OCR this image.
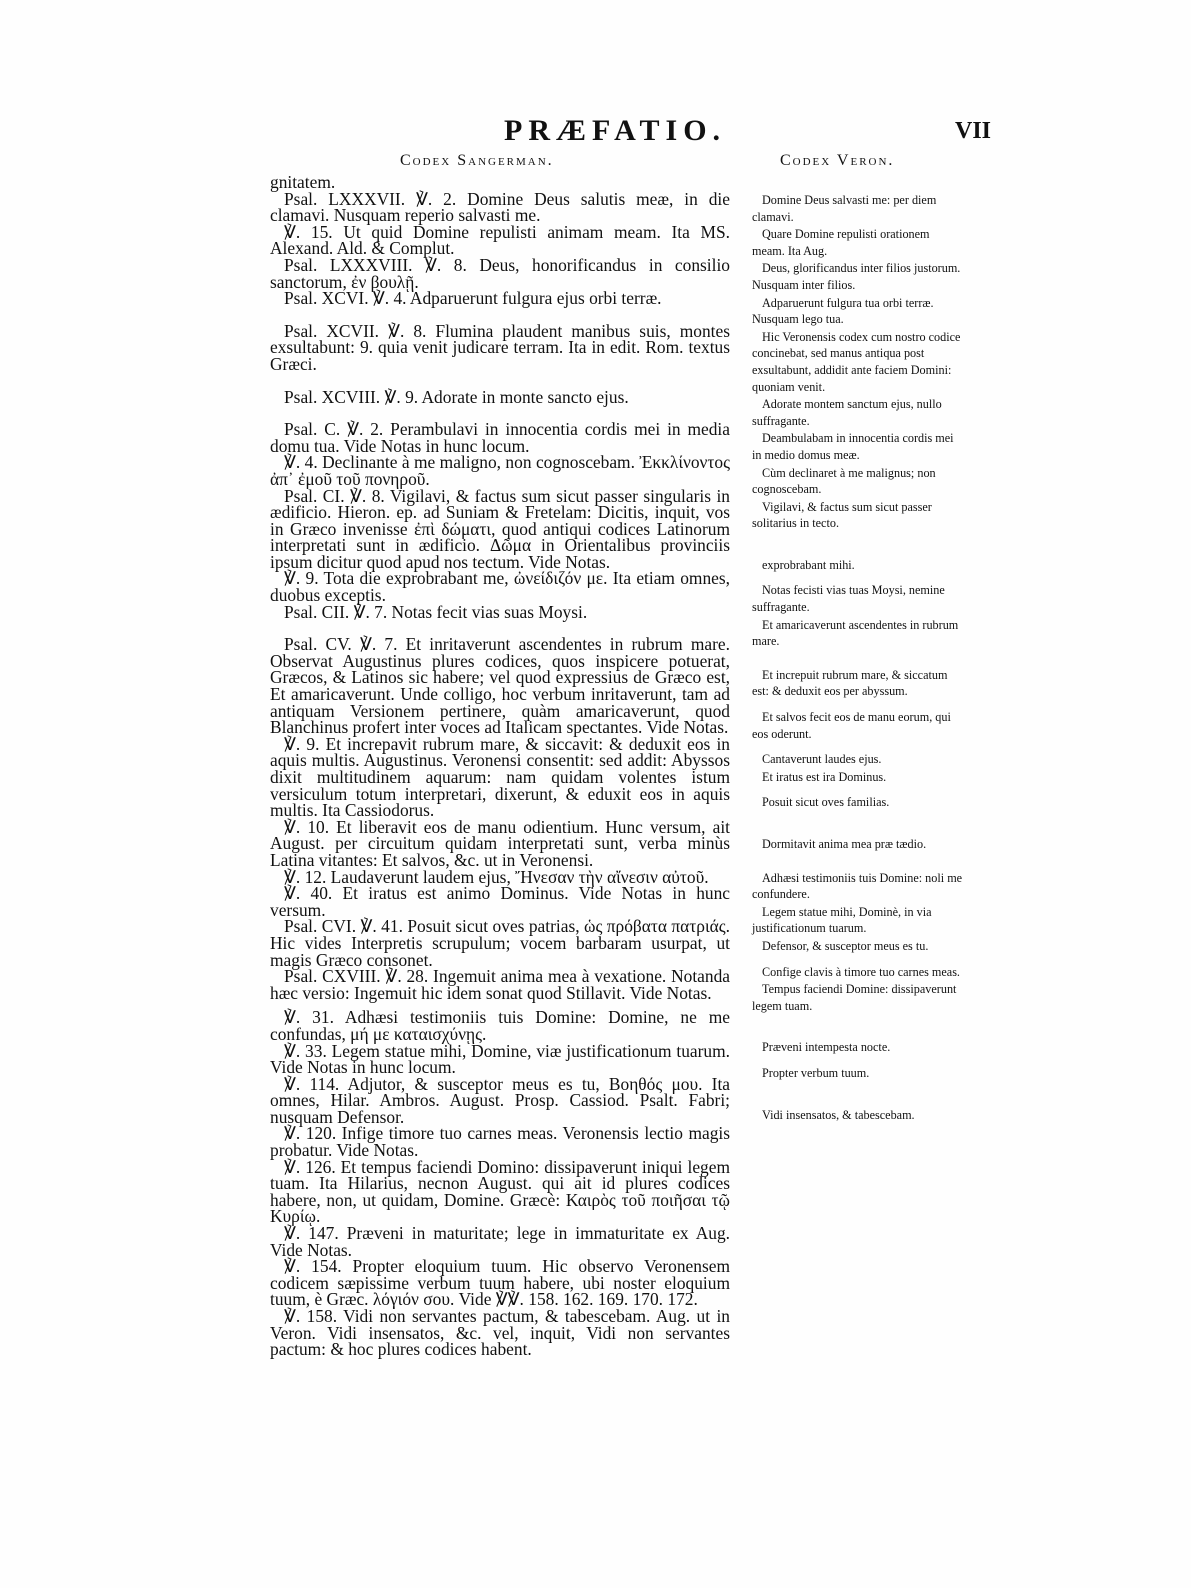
PRÆFATIO.	VII
Codex Sangerman.	Codex Veron.

gnitatem.

Psal. LXXXVII. ℣. 2. Domine Deus salutis meæ, in die clamavi. Nusquam reperio salvasti me.

℣. 15. Ut quid Domine repulisti animam meam. Ita MS. Alexand. Ald. & Complut.

Psal. LXXXVIII. ℣. 8. Deus, honorificandus in consilio sanctorum, ἐν βουλῇ.

Psal. XCVI. ℣. 4. Adparuerunt fulgura ejus orbi terræ.

Psal. XCVII. ℣. 8. Flumina plaudent manibus suis, montes exsultabunt: 9. quia venit judicare terram. Ita in edit. Rom. textus Græci.

Psal. XCVIII. ℣. 9. Adorate in monte sancto ejus.

Psal. C. ℣. 2. Perambulavi in innocentia cordis mei in media domu tua. Vide Notas in hunc locum.

℣. 4. Declinante à me maligno, non cognoscebam. Ἐκκλίνοντος ἀπ᾽ ἐμοῦ τοῦ πονηροῦ.

Psal. CI. ℣. 8. Vigilavi, & factus sum sicut passer singularis in ædificio. Hieron. ep. ad Suniam & Fretelam: Dicitis, inquit, vos in Græco invenisse ἐπὶ δώματι, quod antiqui codices Latinorum interpretati sunt in ædificio. Δῶμα in Orientalibus provinciis ipsum dicitur quod apud nos tectum. Vide Notas.

℣. 9. Tota die exprobrabant me, ὠνείδιζόν με. Ita etiam omnes, duobus exceptis.

Psal. CII. ℣. 7. Notas fecit vias suas Moysi.

Psal. CV. ℣. 7. Et inritaverunt ascendentes in rubrum mare. Observat Augustinus plures codices, quos inspicere potuerat, Græcos, & Latinos sic habere; vel quod expressius de Græco est, Et amaricaverunt. Unde colligo, hoc verbum inritaverunt, tam ad antiquam Versionem pertinere, quàm amaricaverunt, quod Blanchinus profert inter voces ad Italicam spectantes. Vide Notas.

℣. 9. Et increpavit rubrum mare, & siccavit: & deduxit eos in aquis multis. Augustinus. Veronensi consentit: sed addit: Abyssos dixit multitudinem aquarum: nam quidam volentes istum versiculum totum interpretari, dixerunt, & eduxit eos in aquis multis. Ita Cassiodorus.

℣. 10. Et liberavit eos de manu odientium. Hunc versum, ait August. per circuitum quidam interpretati sunt, verba minùs Latina vitantes: Et salvos, &c. ut in Veronensi.

℣. 12. Laudaverunt laudem ejus, Ἤνεσαν τὴν αἴνεσιν αὐτοῦ.

℣. 40. Et iratus est animo Dominus. Vide Notas in hunc versum.

Psal. CVI. ℣. 41. Posuit sicut oves patrias, ὡς πρόβατα πατριάς. Hic vides Interpretis scrupulum; vocem barbaram usurpat, ut magis Græco consonet.

Psal. CXVIII. ℣. 28. Ingemuit anima mea à vexatione. Notanda hæc versio: Ingemuit hic idem sonat quod Stillavit. Vide Notas.

℣. 31. Adhæsi testimoniis tuis Domine: Domine, ne me confundas, μή με καταισχύνῃς.

℣. 33. Legem statue mihi, Domine, viæ justificationum tuarum. Vide Notas in hunc locum.

℣. 114. Adjutor, & susceptor meus es tu, Βοηθός μου. Ita omnes, Hilar. Ambros. August. Prosp. Cassiod. Psalt. Fabri; nusquam Defensor.

℣. 120. Infige timore tuo carnes meas. Veronensis lectio magis probatur. Vide Notas.

℣. 126. Et tempus faciendi Domino: dissipaverunt iniqui legem tuam. Ita Hilarius, necnon August. qui ait id plures codices habere, non, ut quidam, Domine. Græcè: Καιρὸς τοῦ ποιῆσαι τῷ Κυρίῳ.

℣. 147. Præveni in maturitate; lege in immaturitate ex Aug. Vide Notas.

℣. 154. Propter eloquium tuum. Hic observo Veronensem codicem sæpissime verbum tuum habere, ubi noster eloquium tuum, è Græc. λόγιόν σου. Vide ℣℣. 158. 162. 169. 170. 172.

℣. 158. Vidi non servantes pactum, & tabescebam. Aug. ut in Veron. Vidi insensatos, &c. vel, inquit, Vidi non servantes pactum: & hoc plures codices habent.

Domine Deus salvasti me: per diem clamavi.

Quare Domine repulisti orationem meam. Ita Aug.

Deus, glorificandus inter filios justorum. Nusquam inter filios.

Adparuerunt fulgura tua orbi terræ. Nusquam lego tua.

Hic Veronensis codex cum nostro codice concinebat, sed manus antiqua post exsultabunt, addidit ante faciem Domini: quoniam venit.

Adorate montem sanctum ejus, nullo suffragante.

Deambulabam in innocentia cordis mei in medio domus meæ.

Cùm declinaret à me malignus; non cognoscebam.

Vigilavi, & factus sum sicut passer solitarius in tecto.

exprobrabant mihi.

Notas fecisti vias tuas Moysi, nemine suffragante.

Et amaricaverunt ascendentes in rubrum mare.

Et increpuit rubrum mare, & siccatum est: & deduxit eos per abyssum.

Et salvos fecit eos de manu eorum, qui eos oderunt.

Cantaverunt laudes ejus.

Et iratus est ira Dominus.

Posuit sicut oves familias.

Dormitavit anima mea præ tædio.

Adhæsi testimoniis tuis Domine: noli me confundere.

Legem statue mihi, Dominè, in via justificationum tuarum.

Defensor, & susceptor meus es tu.

Confige clavis à timore tuo carnes meas.

Tempus faciendi Domine: dissipaverunt legem tuam.

Præveni intempesta nocte.

Propter verbum tuum.

Vidi insensatos, & tabescebam.
